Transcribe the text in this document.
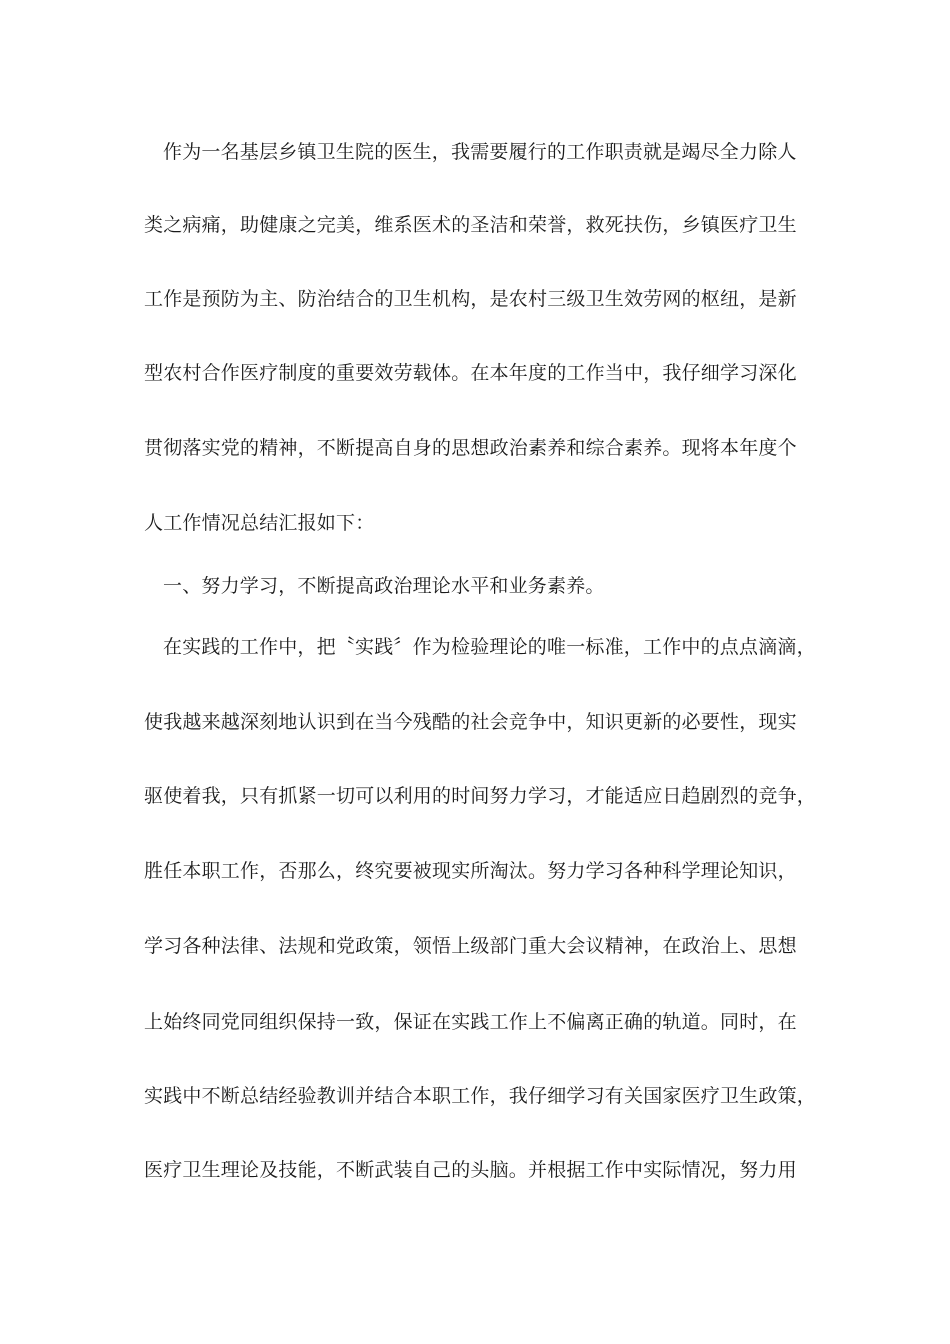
作为一名基层乡镇卫生院的医生，我需要履行的工作职责就是竭尽全力除人

类之病痛，助健康之完美，维系医术的圣洁和荣誉，救死扶伤，乡镇医疗卫生

工作是预防为主、防治结合的卫生机构，是农村三级卫生效劳网的枢纽，是新

型农村合作医疗制度的重要效劳载体。在本年度的工作当中，我仔细学习深化

贯彻落实党的精神，不断提高自身的思想政治素养和综合素养。现将本年度个

人工作情况总结汇报如下：

一、努力学习，不断提高政治理论水平和业务素养。

在实践的工作中，把〝实践〞作为检验理论的唯一标准，工作中的点点滴滴，

使我越来越深刻地认识到在当今残酷的社会竞争中，知识更新的必要性，现实

驱使着我，只有抓紧一切可以利用的时间努力学习，才能适应日趋剧烈的竞争，

胜任本职工作，否那么，终究要被现实所淘汰。努力学习各种科学理论知识，

学习各种法律、法规和党政策，领悟上级部门重大会议精神，在政治上、思想

上始终同党同组织保持一致，保证在实践工作上不偏离正确的轨道。同时，在

实践中不断总结经验教训并结合本职工作，我仔细学习有关国家医疗卫生政策，

医疗卫生理论及技能，不断武装自己的头脑。并根据工作中实际情况，努力用
